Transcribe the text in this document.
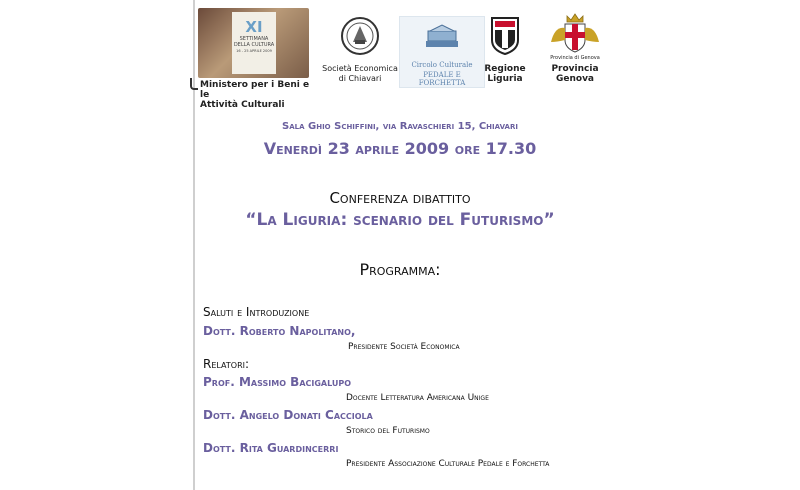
XI
SETTIMANA
DELLA CULTURA
16 - 25 APRILE 2009
Ministero per i Beni e le
Attività Culturali
Società Economica
di Chiavari
Circolo Culturale
PEDALE E FORCHETTA
Regione
Liguria
Provincia di Genova
Provincia
Genova
Sala Ghio Schiffini, via Ravaschieri 15, Chiavari
Venerdì 23 aprile 2009 ore 17.30
Conferenza dibattito
“La Liguria: scenario del Futurismo”
Programma:
Saluti e Introduzione
Dott. Roberto Napolitano,
Presidente Società Economica
Relatori:
Prof. Massimo Bacigalupo
Docente Letteratura Americana Unige
Dott. Angelo Donati Cacciola
Storico del Futurismo
Dott. Rita Guardincerri
Presidente Associazione Culturale Pedale e Forchetta
